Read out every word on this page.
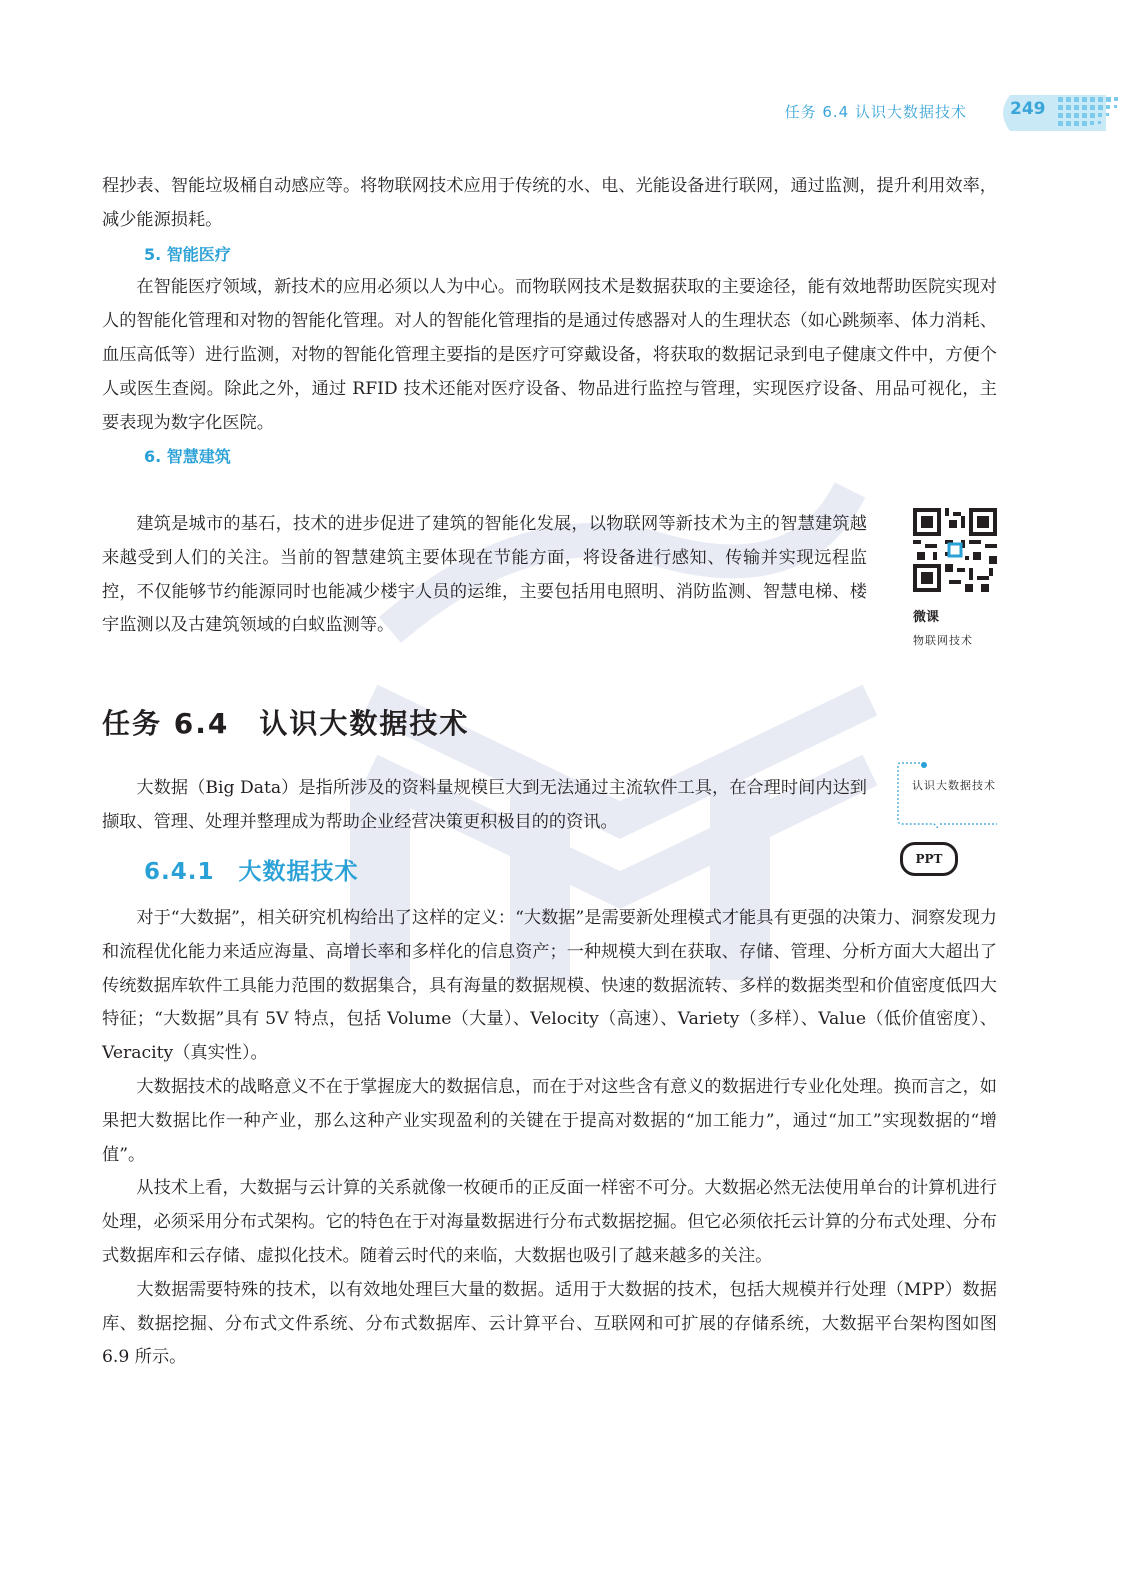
任务 6.4 认识大数据技术	249

程抄表、智能垃圾桶自动感应等。将物联网技术应用于传统的水、电、光能设备进行联网，通过监测，提升利用效率，减少能源损耗。

5. 智能医疗

在智能医疗领域，新技术的应用必须以人为中心。而物联网技术是数据获取的主要途径，能有效地帮助医院实现对人的智能化管理和对物的智能化管理。对人的智能化管理指的是通过传感器对人的生理状态（如心跳频率、体力消耗、血压高低等）进行监测，对物的智能化管理主要指的是医疗可穿戴设备，将获取的数据记录到电子健康文件中，方便个人或医生查阅。除此之外，通过 RFID 技术还能对医疗设备、物品进行监控与管理，实现医疗设备、用品可视化，主要表现为数字化医院。

6. 智慧建筑

建筑是城市的基石，技术的进步促进了建筑的智能化发展，以物联网等新技术为主的智慧建筑越来越受到人们的关注。当前的智慧建筑主要体现在节能方面，将设备进行感知、传输并实现远程监控，不仅能够节约能源同时也能减少楼宇人员的运维，主要包括用电照明、消防监测、智慧电梯、楼宇监测以及古建筑领域的白蚁监测等。	微课
物联网技术
任务 6.4 认识大数据技术

大数据（Big Data）是指所涉及的资料量规模巨大到无法通过主流软件工具，在合理时间内达到撷取、管理、处理并整理成为帮助企业经营决策更积极目的的资讯。

认识大数据技术
PPT
6.4.1 大数据技术

对于“大数据”，相关研究机构给出了这样的定义：“大数据”是需要新处理模式才能具有更强的决策力、洞察发现力和流程优化能力来适应海量、高增长率和多样化的信息资产；一种规模大到在获取、存储、管理、分析方面大大超出了传统数据库软件工具能力范围的数据集合，具有海量的数据规模、快速的数据流转、多样的数据类型和价值密度低四大特征；“大数据”具有 5V 特点，包括 Volume（大量）、Velocity（高速）、Variety（多样）、Value（低价值密度）、Veracity（真实性）。

大数据技术的战略意义不在于掌握庞大的数据信息，而在于对这些含有意义的数据进行专业化处理。换而言之，如果把大数据比作一种产业，那么这种产业实现盈利的关键在于提高对数据的“加工能力”，通过“加工”实现数据的“增值”。

从技术上看，大数据与云计算的关系就像一枚硬币的正反面一样密不可分。大数据必然无法使用单台的计算机进行处理，必须采用分布式架构。它的特色在于对海量数据进行分布式数据挖掘。但它必须依托云计算的分布式处理、分布式数据库和云存储、虚拟化技术。随着云时代的来临，大数据也吸引了越来越多的关注。

大数据需要特殊的技术，以有效地处理巨大量的数据。适用于大数据的技术，包括大规模并行处理（MPP）数据库、数据挖掘、分布式文件系统、分布式数据库、云计算平台、互联网和可扩展的存储系统，大数据平台架构图如图 6.9 所示。
